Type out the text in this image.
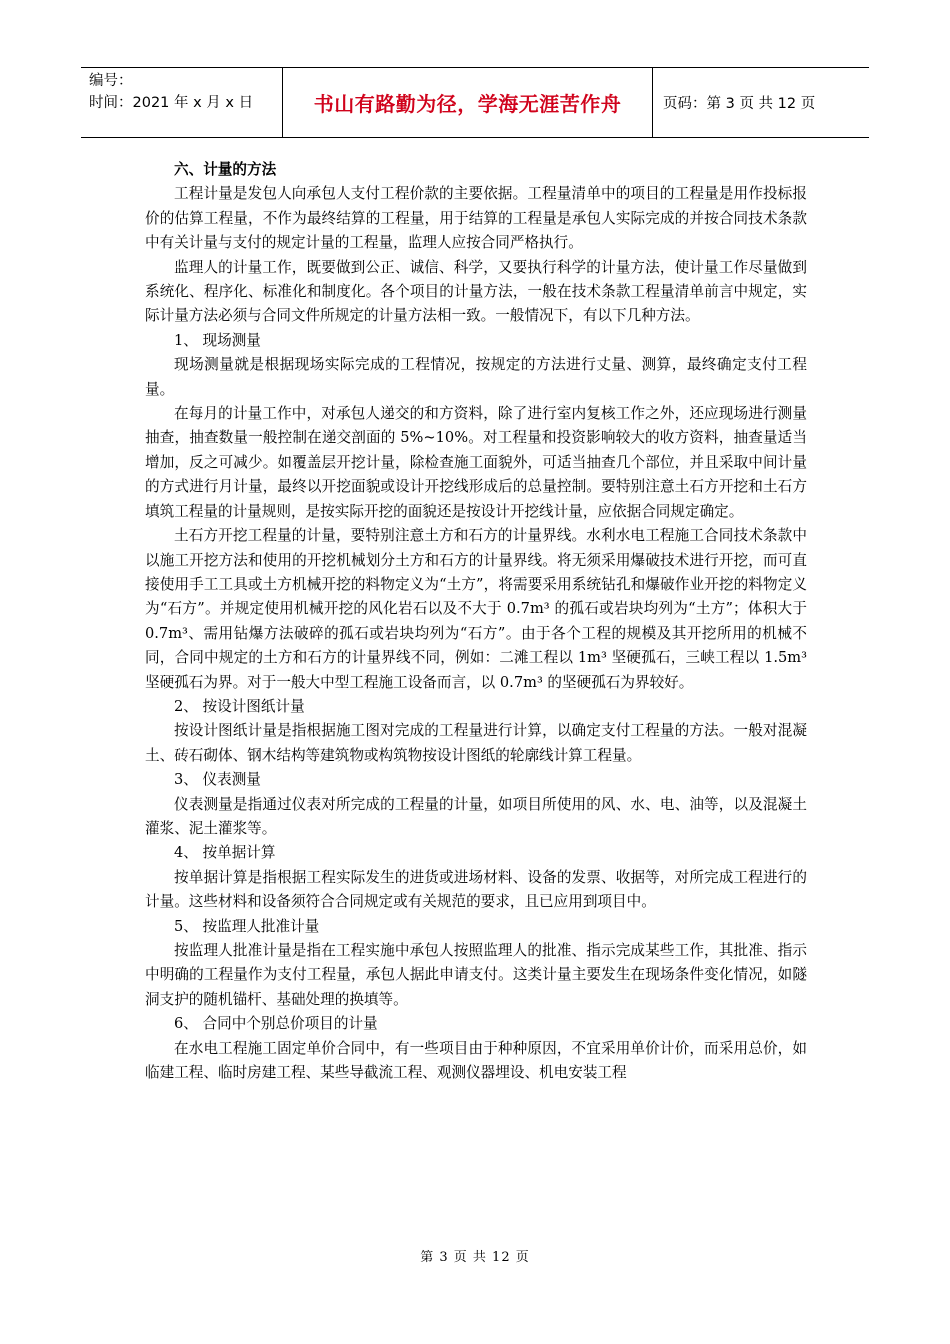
编号：
时间：2021 年 x 月 x 日	书山有路勤为径，学海无涯苦作舟	页码：第 3 页 共 12 页

六、计量的方法

工程计量是发包人向承包人支付工程价款的主要依据。工程量清单中的项目的工程量是用作投标报价的估算工程量，不作为最终结算的工程量，用于结算的工程量是承包人实际完成的并按合同技术条款中有关计量与支付的规定计量的工程量，监理人应按合同严格执行。

监理人的计量工作，既要做到公正、诚信、科学，又要执行科学的计量方法，使计量工作尽量做到系统化、程序化、标准化和制度化。各个项目的计量方法，一般在技术条款工程量清单前言中规定，实际计量方法必须与合同文件所规定的计量方法相一致。一般情况下，有以下几种方法。

1、 现场测量

现场测量就是根据现场实际完成的工程情况，按规定的方法进行丈量、测算，最终确定支付工程量。

在每月的计量工作中，对承包人递交的和方资料，除了进行室内复核工作之外，还应现场进行测量抽查，抽查数量一般控制在递交剖面的 5%~10%。对工程量和投资影响较大的收方资料，抽查量适当增加，反之可减少。如覆盖层开挖计量，除检查施工面貌外，可适当抽查几个部位，并且采取中间计量的方式进行月计量，最终以开挖面貌或设计开挖线形成后的总量控制。要特别注意土石方开挖和土石方填筑工程量的计量规则，是按实际开挖的面貌还是按设计开挖线计量，应依据合同规定确定。

土石方开挖工程量的计量，要特别注意土方和石方的计量界线。水利水电工程施工合同技术条款中以施工开挖方法和使用的开挖机械划分土方和石方的计量界线。将无须采用爆破技术进行开挖，而可直接使用手工工具或土方机械开挖的料物定义为“土方”，将需要采用系统钻孔和爆破作业开挖的料物定义为“石方”。并规定使用机械开挖的风化岩石以及不大于 0.7m³ 的孤石或岩块均列为“土方”；体积大于 0.7m³、需用钻爆方法破碎的孤石或岩块均列为“石方”。由于各个工程的规模及其开挖所用的机械不同，合同中规定的土方和石方的计量界线不同，例如：二滩工程以 1m³ 坚硬孤石，三峡工程以 1.5m³ 坚硬孤石为界。对于一般大中型工程施工设备而言，以 0.7m³ 的坚硬孤石为界较好。

2、 按设计图纸计量

按设计图纸计量是指根据施工图对完成的工程量进行计算，以确定支付工程量的方法。一般对混凝土、砖石砌体、钢木结构等建筑物或构筑物按设计图纸的轮廓线计算工程量。

3、 仪表测量

仪表测量是指通过仪表对所完成的工程量的计量，如项目所使用的风、水、电、油等，以及混凝土灌浆、泥土灌浆等。

4、 按单据计算

按单据计算是指根据工程实际发生的进货或进场材料、设备的发票、收据等，对所完成工程进行的计量。这些材料和设备须符合合同规定或有关规范的要求，且已应用到项目中。

5、 按监理人批准计量

按监理人批准计量是指在工程实施中承包人按照监理人的批准、指示完成某些工作，其批准、指示中明确的工程量作为支付工程量，承包人据此申请支付。这类计量主要发生在现场条件变化情况，如隧洞支护的随机锚杆、基础处理的换填等。

6、 合同中个别总价项目的计量

在水电工程施工固定单价合同中，有一些项目由于种种原因，不宜采用单价计价，而采用总价，如临建工程、临时房建工程、某些导截流工程、观测仪器埋设、机电安装工程

第 3 页 共 12 页
